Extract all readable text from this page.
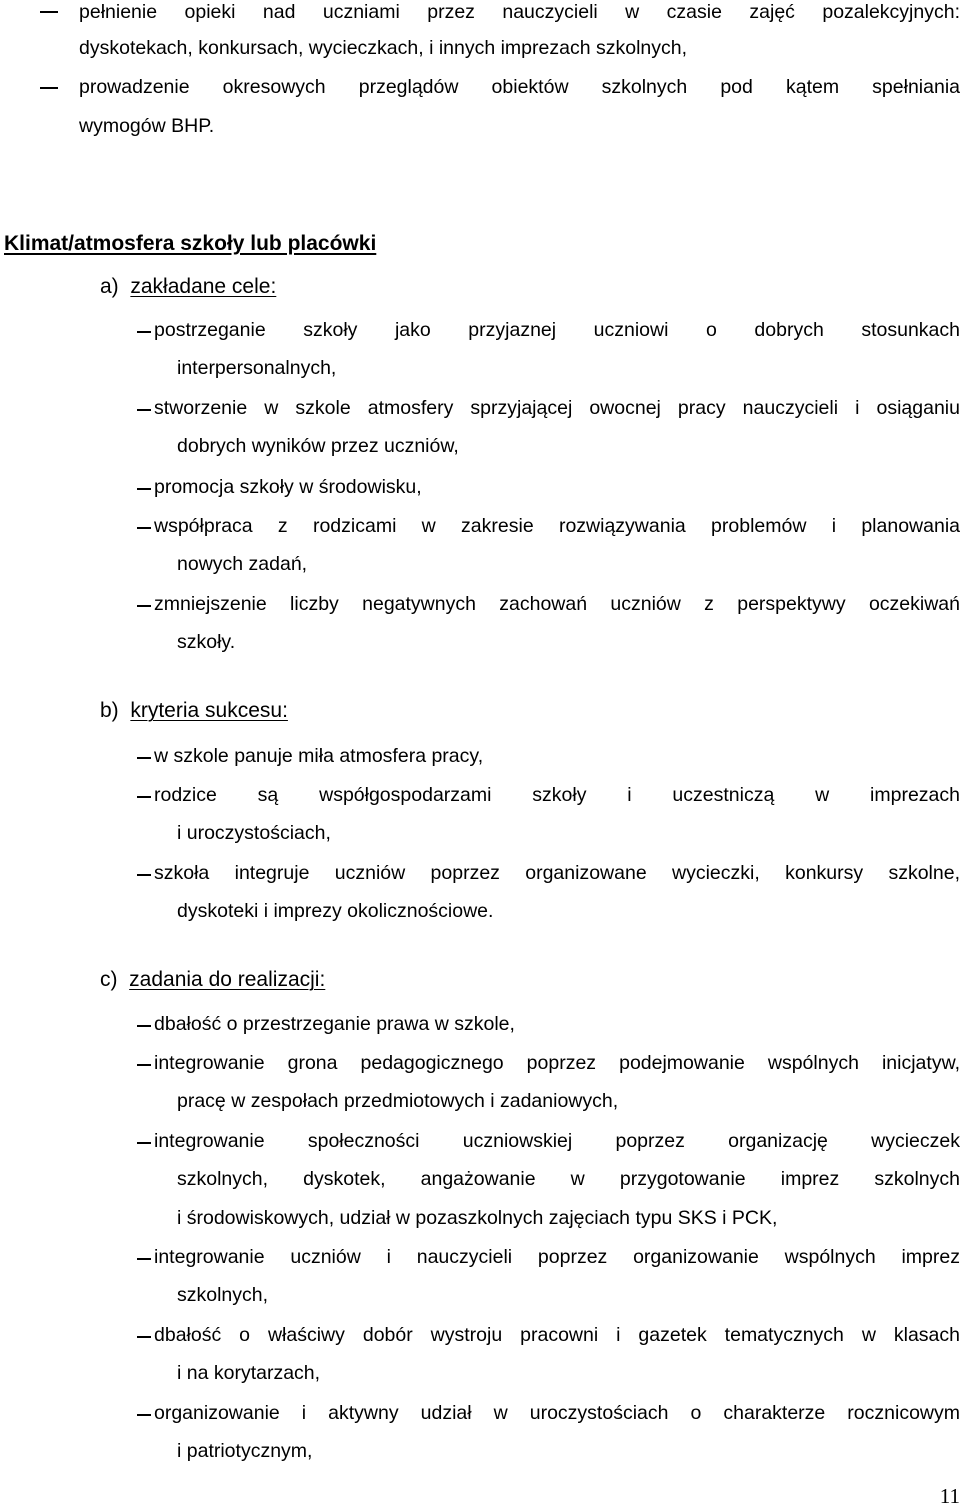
pełnienie opieki nad uczniami przez nauczycieli w czasie zajęć pozalekcyjnych:
dyskotekach, konkursach, wycieczkach, i innych imprezach szkolnych,
prowadzenie okresowych przeglądów obiektów szkolnych pod kątem spełniania
wymogów BHP.
Klimat/atmosfera szkoły lub placówki
a) zakładane cele:
postrzeganie szkoły jako przyjaznej uczniowi o dobrych stosunkach
interpersonalnych,
stworzenie w szkole atmosfery sprzyjającej owocnej pracy nauczycieli i osiąganiu
dobrych wyników przez uczniów,
promocja szkoły w środowisku,
współpraca z rodzicami w zakresie rozwiązywania problemów i planowania
nowych zadań,
zmniejszenie liczby negatywnych zachowań uczniów z perspektywy oczekiwań
szkoły.
b) kryteria sukcesu:
w szkole panuje miła atmosfera pracy,
rodzice są współgospodarzami szkoły i uczestniczą w imprezach
i uroczystościach,
szkoła integruje uczniów poprzez organizowane wycieczki, konkursy szkolne,
dyskoteki i imprezy okolicznościowe.
c) zadania do realizacji:
dbałość o przestrzeganie prawa w szkole,
integrowanie grona pedagogicznego poprzez podejmowanie wspólnych inicjatyw,
pracę w zespołach przedmiotowych i zadaniowych,
integrowanie społeczności uczniowskiej poprzez organizację wycieczek
szkolnych, dyskotek, angażowanie w przygotowanie imprez szkolnych
i środowiskowych, udział w pozaszkolnych zajęciach typu SKS i PCK,
integrowanie uczniów i nauczycieli poprzez organizowanie wspólnych imprez
szkolnych,
dbałość o właściwy dobór wystroju pracowni i gazetek tematycznych w klasach
i na korytarzach,
organizowanie i aktywny udział w uroczystościach o charakterze rocznicowym
i patriotycznym,
11
